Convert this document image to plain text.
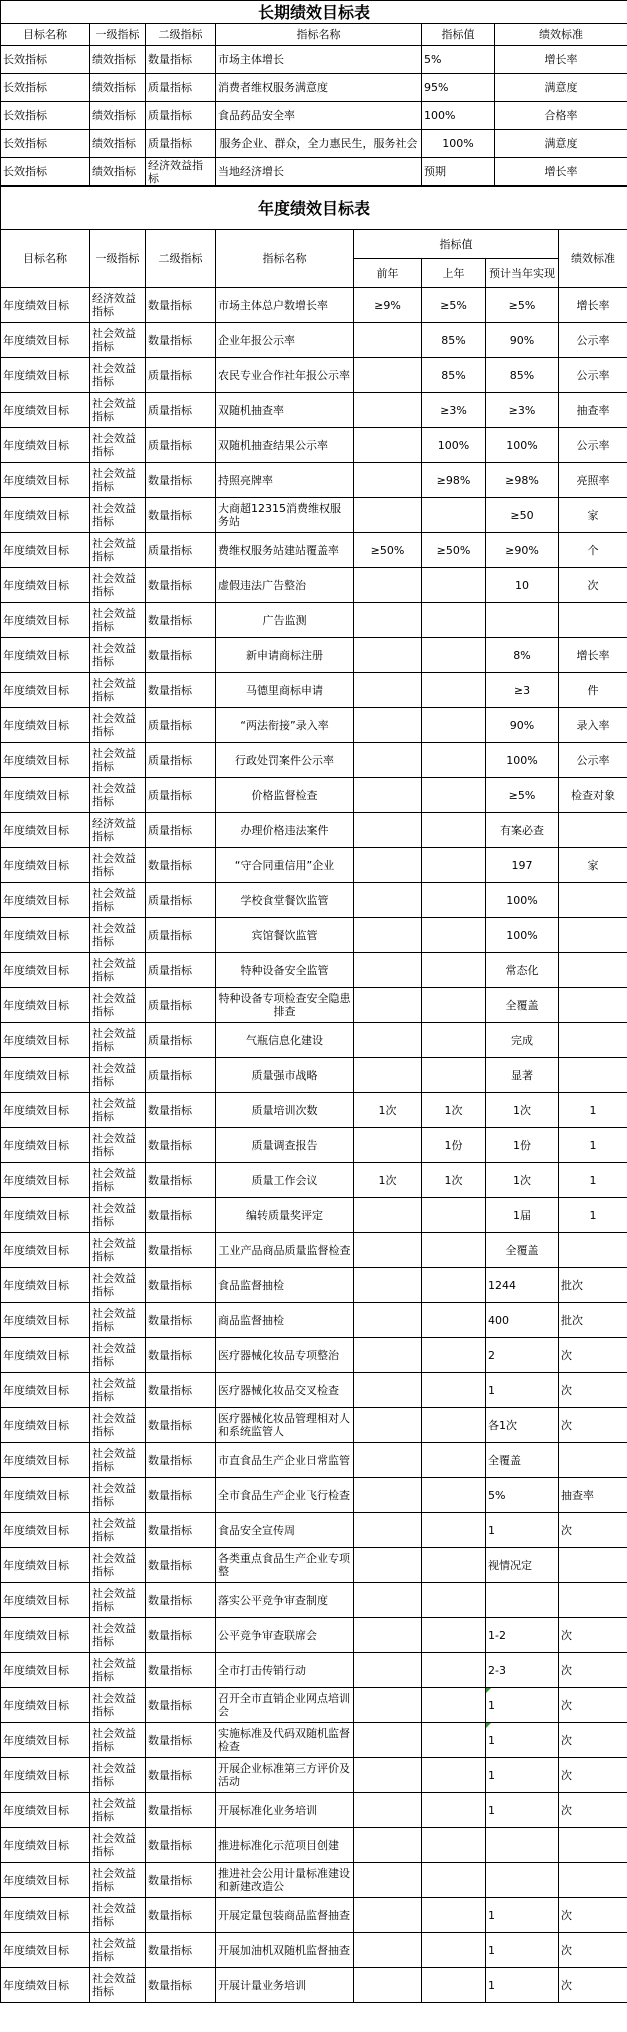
长期绩效目标表					
目标名称	一级指标	二级指标	指标名称	指标值	绩效标准
长效指标	绩效指标	数量指标	市场主体增长	5%	增长率
长效指标	绩效指标	质量指标	消费者维权服务满意度	95%	满意度
长效指标	绩效指标	质量指标	食品药品安全率	100%	合格率
长效指标	绩效指标	质量指标	服务企业、群众，全力惠民生，服务社会	100%	满意度
长效指标	绩效指标	经济效益指标	当地经济增长	预期	增长率
年度绩效目标表							
目标名称	一级指标	二级指标	指标名称	指标值			绩效标准
				前年	上年	预计当年实现	
年度绩效目标	经济效益指标	数量指标	市场主体总户数增长率	≥9%	≥5%	≥5%	增长率
年度绩效目标	社会效益指标	数量指标	企业年报公示率		85%	90%	公示率
年度绩效目标	社会效益指标	质量指标	农民专业合作社年报公示率		85%	85%	公示率
年度绩效目标	社会效益指标	质量指标	双随机抽查率		≥3%	≥3%	抽查率
年度绩效目标	社会效益指标	质量指标	双随机抽查结果公示率		100%	100%	公示率
年度绩效目标	社会效益指标	数量指标	持照亮牌率		≥98%	≥98%	亮照率
年度绩效目标	社会效益指标	数量指标	大商超12315消费维权服务站			≥50	家
年度绩效目标	社会效益指标	质量指标	费维权服务站建站覆盖率	≥50%	≥50%	≥90%	个
年度绩效目标	社会效益指标	数量指标	虚假违法广告整治			10	次
年度绩效目标	社会效益指标	数量指标	广告监测				
年度绩效目标	社会效益指标	数量指标	新申请商标注册			8%	增长率
年度绩效目标	社会效益指标	数量指标	马德里商标申请			≥3	件
年度绩效目标	社会效益指标	质量指标	“两法衔接”录入率			90%	录入率
年度绩效目标	社会效益指标	质量指标	行政处罚案件公示率			100%	公示率
年度绩效目标	社会效益指标	质量指标	价格监督检查			≥5%	检查对象
年度绩效目标	经济效益指标	质量指标	办理价格违法案件			有案必查	
年度绩效目标	社会效益指标	数量指标	“守合同重信用”企业			197	家
年度绩效目标	社会效益指标	质量指标	学校食堂餐饮监管			100%	
年度绩效目标	社会效益指标	质量指标	宾馆餐饮监管			100%	
年度绩效目标	社会效益指标	质量指标	特种设备安全监管			常态化	
年度绩效目标	社会效益指标	质量指标	特种设备专项检查安全隐患排查			全覆盖	
年度绩效目标	社会效益指标	质量指标	气瓶信息化建设			完成	
年度绩效目标	社会效益指标	质量指标	质量强市战略			显著	
年度绩效目标	社会效益指标	数量指标	质量培训次数	1次	1次	1次	1
年度绩效目标	社会效益指标	数量指标	质量调查报告		1份	1份	1
年度绩效目标	社会效益指标	数量指标	质量工作会议	1次	1次	1次	1
年度绩效目标	社会效益指标	数量指标	编转质量奖评定			1届	1
年度绩效目标	社会效益指标	数量指标	工业产品商品质量监督检查			全覆盖	
年度绩效目标	社会效益指标	数量指标	食品监督抽检			1244	批次
年度绩效目标	社会效益指标	数量指标	商品监督抽检			400	批次
年度绩效目标	社会效益指标	数量指标	医疗器械化妆品专项整治			2	次
年度绩效目标	社会效益指标	数量指标	医疗器械化妆品交叉检查			1	次
年度绩效目标	社会效益指标	数量指标	医疗器械化妆品管理相对人和系统监管人			各1次	次
年度绩效目标	社会效益指标	数量指标	市直食品生产企业日常监管			全覆盖	
年度绩效目标	社会效益指标	数量指标	全市食品生产企业飞行检查			5%	抽查率
年度绩效目标	社会效益指标	数量指标	食品安全宣传周			1	次
年度绩效目标	社会效益指标	数量指标	各类重点食品生产企业专项整			视情况定	
年度绩效目标	社会效益指标	数量指标	落实公平竞争审查制度				
年度绩效目标	社会效益指标	数量指标	公平竞争审查联席会			1-2	次
年度绩效目标	社会效益指标	数量指标	全市打击传销行动			2-3	次
年度绩效目标	社会效益指标	数量指标	召开全市直销企业网点培训会			1	次
年度绩效目标	社会效益指标	数量指标	实施标准及代码双随机监督检查			1	次
年度绩效目标	社会效益指标	数量指标	开展企业标准第三方评价及活动			1	次
年度绩效目标	社会效益指标	数量指标	开展标准化业务培训			1	次
年度绩效目标	社会效益指标	数量指标	推进标准化示范项目创建				
年度绩效目标	社会效益指标	数量指标	推进社会公用计量标准建设和新建改造公				
年度绩效目标	社会效益指标	数量指标	开展定量包装商品监督抽查			1	次
年度绩效目标	社会效益指标	数量指标	开展加油机双随机监督抽查			1	次
年度绩效目标	社会效益指标	数量指标	开展计量业务培训			1	次
